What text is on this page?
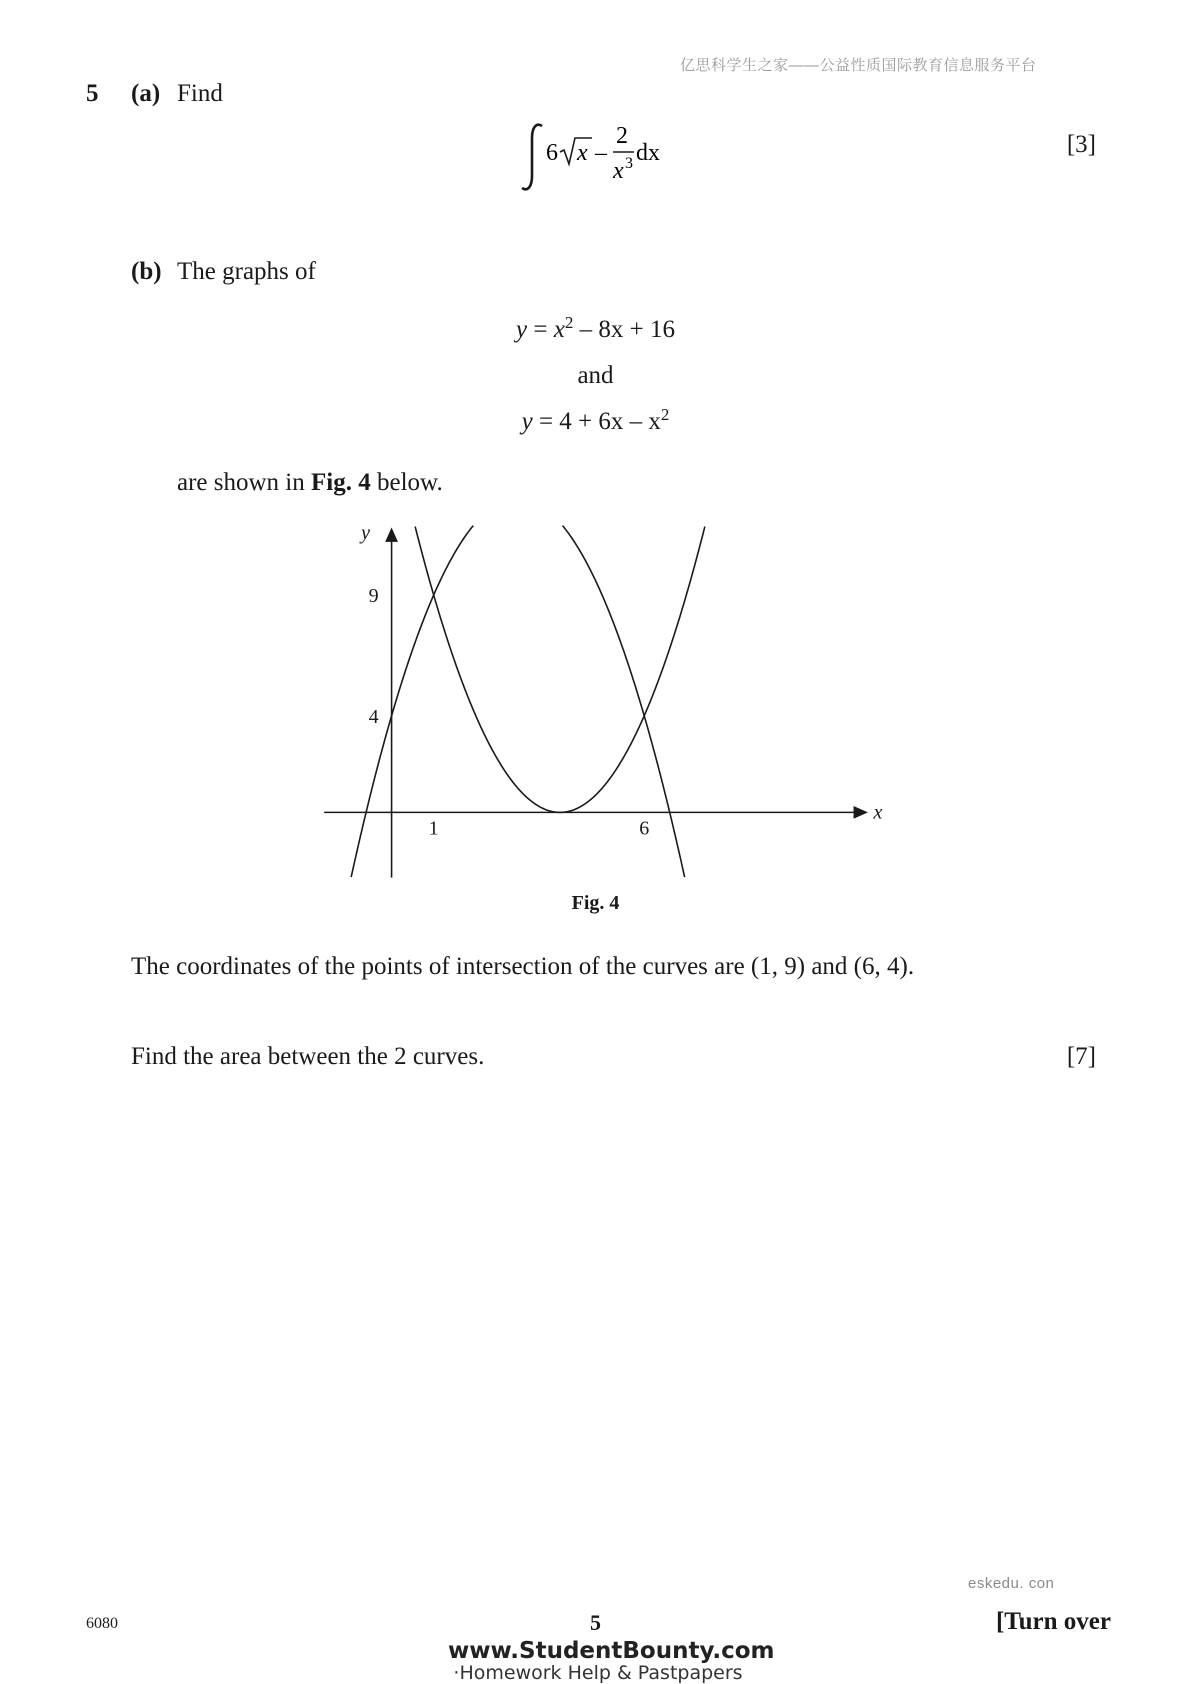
亿思科学生之家——公益性质国际教育信息服务平台
5 (a) Find
6 x –
2
x 3 dx	[3]
(b) The graphs of
$y = x^2 - 8x + 16$
and
$y = 4 + 6x - x^2$
are shown in Fig. 4 below.
y
x
1	6
4
9
Fig. 4
The coordinates of the points of intersection of the curves are (1, 9) and (6, 4).
Find the area between the 2 curves.	[7]
eskedu. con
6080	5	[Turn over
www.StudentBounty.com
·Homework Help & Pastpapers
